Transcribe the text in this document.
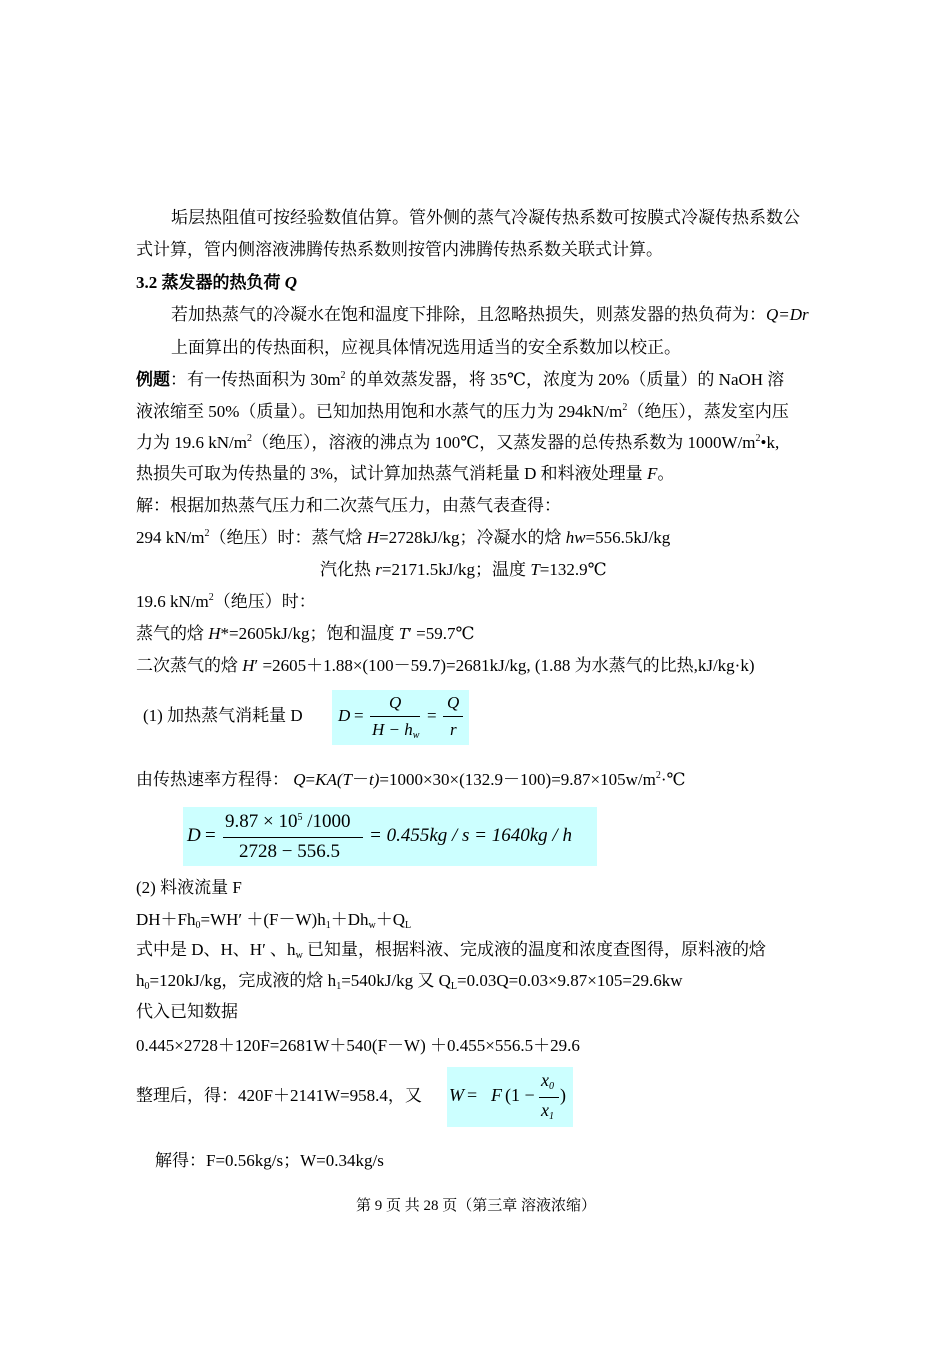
垢层热阻值可按经验数值估算。管外侧的蒸气冷凝传热系数可按膜式冷凝传热系数公
式计算，管内侧溶液沸腾传热系数则按管内沸腾传热系数关联式计算。
3.2 蒸发器的热负荷 Q
若加热蒸气的冷凝水在饱和温度下排除，且忽略热损失，则蒸发器的热负荷为：Q=Dr
上面算出的传热面积，应视具体情况选用适当的安全系数加以校正。
例题：有一传热面积为 $30m^2$ 的单效蒸发器，将 35℃，浓度为 20%（质量）的 NaOH 溶
液浓缩至 50%（质量）。已知加热用饱和水蒸气的压力为 $294kN/m^2$（绝压），蒸发室内压
力为 19.6 $kN/m^2$（绝压），溶液的沸点为 100℃，又蒸发器的总传热系数为 $1000W/m^2•k$,
热损失可取为传热量的 3%，试计算加热蒸气消耗量 D 和料液处理量 F。
解：根据加热蒸气压力和二次蒸气压力，由蒸气表查得：
294 $kN/m^2$（绝压）时：蒸气焓 H=2728kJ/kg；冷凝水的焓 hw=556.5kJ/kg
汽化热 r=2171.5kJ/kg；温度 T=132.9℃
19.6 $kN/m^2$（绝压）时：
蒸气的焓 H*=2605kJ/kg；饱和温度 T′ =59.7℃
二次蒸气的焓 H′ =2605＋1.88×(100－59.7)=2681kJ/kg, (1.88 为水蒸气的比热,kJ/kg·k)
(1) 加热蒸气消耗量 D D =
Q
$H - h_w$
=
Q
r
由传热速率方程得： $Q=KA(T-t)=1000\times 30\times(132.9-100)=9.87\times 105w/m^2\cdot℃$
D =
$9.87 \times 10^5$ /1000
2728 − 556.5
= 0.455kg / s = 1640kg / h
(2) 料液流量 F
$DH+Fh_0=WH' +(F-W)h_1+Dh_w+Q_L$
式中是 D、H、H′ 、$h_w$ 已知量，根据料液、完成液的温度和浓度查图得，原料液的焓
$h_0=120kJ/kg$，完成液的焓 $h_1=540kJ/kg$ 又 $Q_L=0.03Q=0.03\times 9.87\times 105=29.6kw$
代入已知数据
0.445×2728＋120F=2681W＋540(F－W) ＋0.455×556.5＋29.6
整理后，得：420F＋2141W=958.4，又 W = F (1 −
$x_0$
$x_1$
)
解得：F=0.56kg/s；W=0.34kg/s
第 9 页 共 28 页（第三章 溶液浓缩）
